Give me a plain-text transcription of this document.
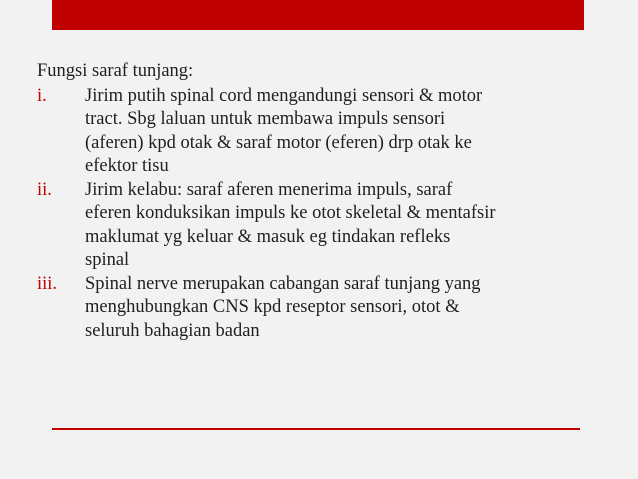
Fungsi saraf tunjang:

i.	Jirim putih spinal cord mengandungi sensori & motor
tract. Sbg laluan untuk membawa impuls sensori
(aferen) kpd otak & saraf motor (eferen) drp otak ke
efektor tisu
ii.	Jirim kelabu: saraf aferen menerima impuls, saraf
eferen konduksikan impuls ke otot skeletal & mentafsir
maklumat yg keluar & masuk eg tindakan refleks
spinal
iii.	Spinal nerve merupakan cabangan saraf tunjang yang
menghubungkan CNS kpd reseptor sensori, otot &
seluruh bahagian badan
